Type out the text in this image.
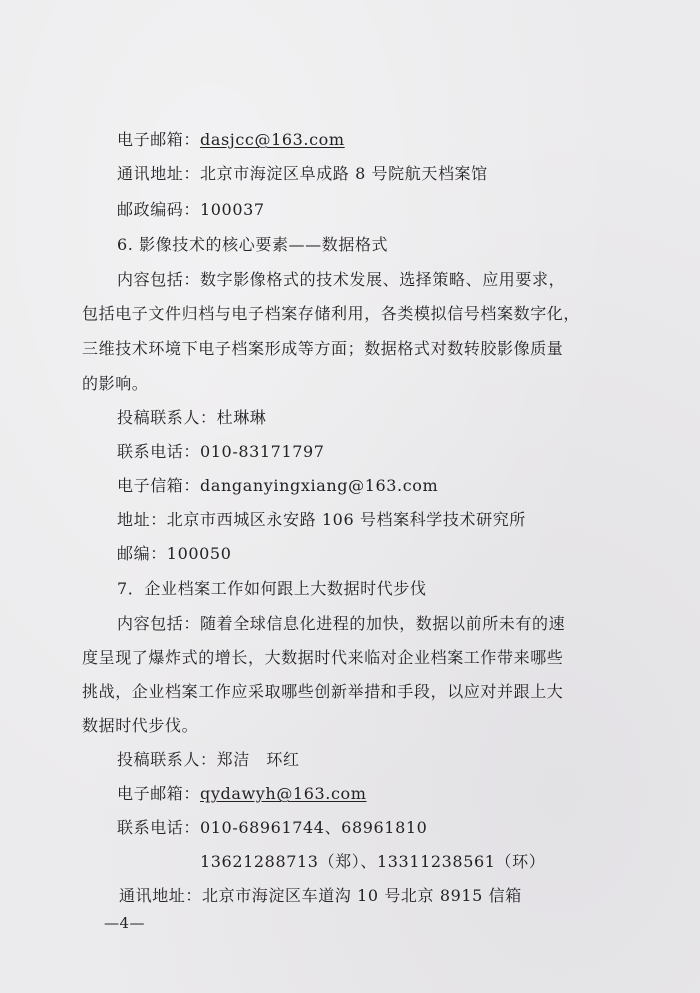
电子邮箱：dasjcc@163.com
通讯地址：北京市海淀区阜成路 8 号院航天档案馆
邮政编码：100037
6. 影像技术的核心要素——数据格式
内容包括：数字影像格式的技术发展、选择策略、应用要求，
包括电子文件归档与电子档案存储利用，各类模拟信号档案数字化，
三维技术环境下电子档案形成等方面；数据格式对数转胶影像质量
的影响。
投稿联系人：杜琳琳
联系电话：010-83171797
电子信箱：danganyingxiang@163.com
地址：北京市西城区永安路 106 号档案科学技术研究所
邮编：100050
7．企业档案工作如何跟上大数据时代步伐
内容包括：随着全球信息化进程的加快，数据以前所未有的速
度呈现了爆炸式的增长，大数据时代来临对企业档案工作带来哪些
挑战，企业档案工作应采取哪些创新举措和手段，以应对并跟上大
数据时代步伐。
投稿联系人：郑洁　环红
电子邮箱：qydawyh@163.com
联系电话：010-68961744、68961810
13621288713（郑）、13311238561（环）
通讯地址：北京市海淀区车道沟 10 号北京 8915 信箱
—4—
